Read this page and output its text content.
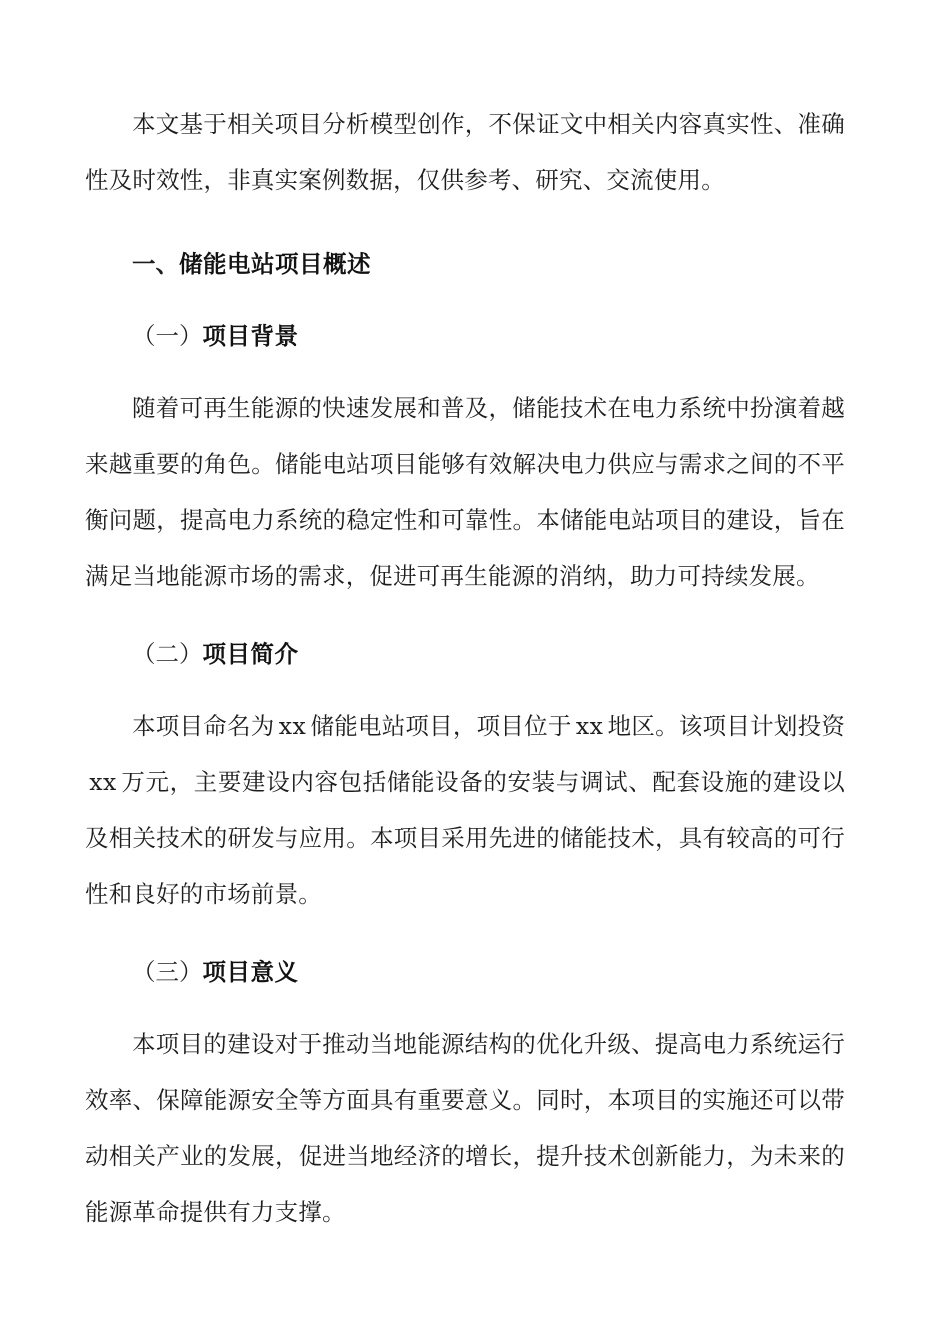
本文基于相关项目分析模型创作，不保证文中相关内容真实性、准确性及时效性，非真实案例数据，仅供参考、研究、交流使用。

一、储能电站项目概述
（一）项目背景

随着可再生能源的快速发展和普及，储能技术在电力系统中扮演着越来越重要的角色。储能电站项目能够有效解决电力供应与需求之间的不平衡问题，提高电力系统的稳定性和可靠性。本储能电站项目的建设，旨在满足当地能源市场的需求，促进可再生能源的消纳，助力可持续发展。

（二）项目简介

本项目命名为 xx 储能电站项目，项目位于 xx 地区。该项目计划投资xx 万元，主要建设内容包括储能设备的安装与调试、配套设施的建设以及相关技术的研发与应用。本项目采用先进的储能技术，具有较高的可行性和良好的市场前景。

（三）项目意义

本项目的建设对于推动当地能源结构的优化升级、提高电力系统运行效率、保障能源安全等方面具有重要意义。同时，本项目的实施还可以带动相关产业的发展，促进当地经济的增长，提升技术创新能力，为未来的能源革命提供有力支撑。
